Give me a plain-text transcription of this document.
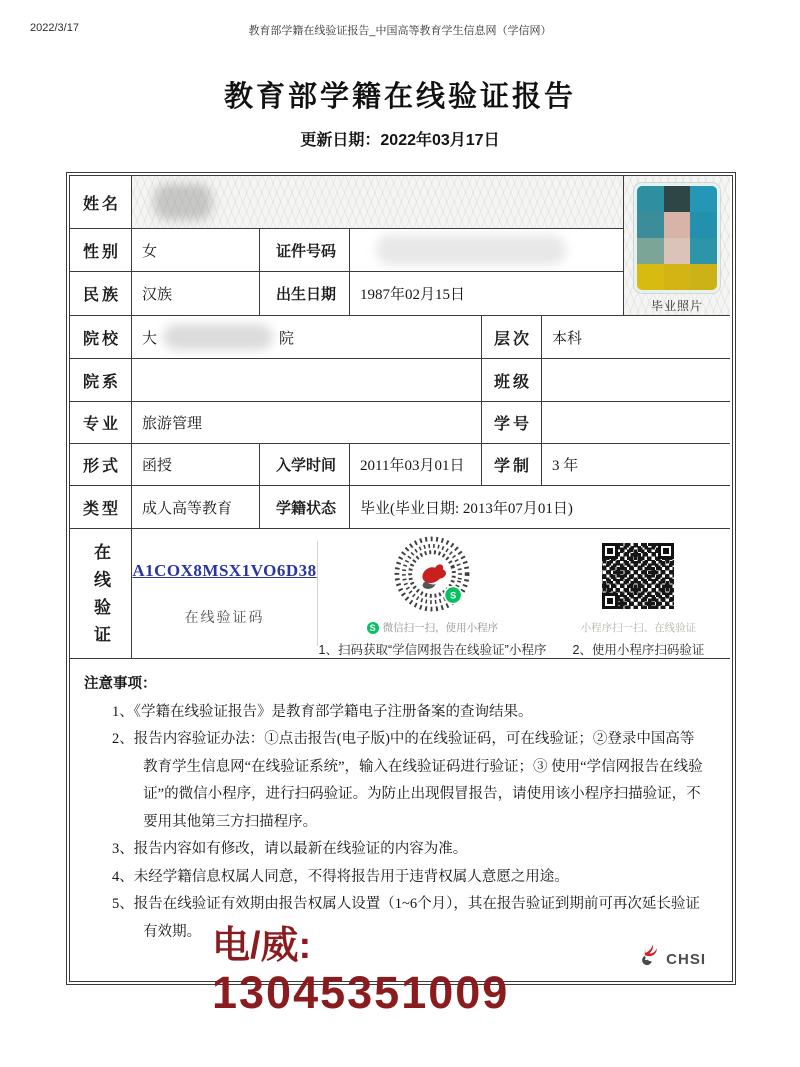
2022/3/17	教育部学籍在线验证报告_中国高等教育学生信息网（学信网）
教育部学籍在线验证报告
更新日期：2022年03月17日
毕业照片
姓名
性别	女	证件号码
民族	汉族	出生日期	1987年02月15日
院校	大	院	层次	本科
院系	班级
专业	旅游管理	学号
形式	函授	入学时间	2011年03月01日	学制	3 年
类型	成人高等教育	学籍状态	毕业(毕业日期: 2013年07月01日)
在线验证	A1COX8MSX1VO6D38
在线验证码
S
S 微信扫一扫，使用小程序
1、扫码获取“学信网报告在线验证”小程序
小程序扫一扫、在线验证
2、使用小程序扫码验证
注意事项：
1、《学籍在线验证报告》是教育部学籍电子注册备案的查询结果。
2、报告内容验证办法：①点击报告(电子版)中的在线验证码，可在线验证；②登录中国高等教育学生信息网“在线验证系统”，输入在线验证码进行验证；③ 使用“学信网报告在线验证”的微信小程序，进行扫码验证。为防止出现假冒报告，请使用该小程序扫描验证，不要用其他第三方扫描程序。
3、报告内容如有修改，请以最新在线验证的内容为准。
4、未经学籍信息权属人同意，不得将报告用于违背权属人意愿之用途。
5、报告在线验证有效期由报告权属人设置（1~6个月），其在报告验证到期前可再次延长验证有效期。
CHSI
电/威:
13045351009
